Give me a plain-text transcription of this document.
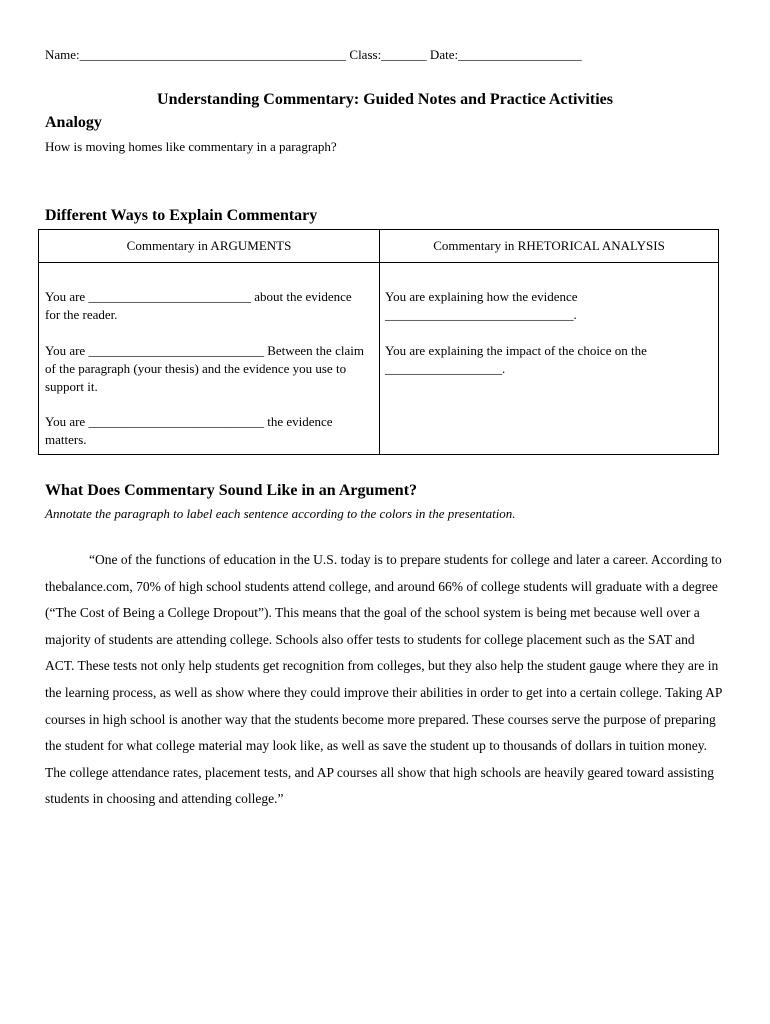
Name:_________________________________________ Class:_______ Date:___________________
Understanding Commentary: Guided Notes and Practice Activities
Analogy
How is moving homes like commentary in a paragraph?
Different Ways to Explain Commentary
Commentary in ARGUMENTS	Commentary in RHETORICAL ANALYSIS
You are _________________________ about the evidence for the reader.
You are ___________________________ Between the claim of the paragraph (your thesis) and the evidence you use to support it.
You are ___________________________ the evidence matters.
You are explaining how the evidence _____________________________.
You are explaining the impact of the choice on the __________________.
What Does Commentary Sound Like in an Argument?
Annotate the paragraph to label each sentence according to the colors in the presentation.
“One of the functions of education in the U.S. today is to prepare students for college and later a career. According to thebalance.com, 70% of high school students attend college, and around 66% of college students will graduate with a degree (“The Cost of Being a College Dropout”). This means that the goal of the school system is being met because well over a majority of students are attending college. Schools also offer tests to students for college placement such as the SAT and ACT. These tests not only help students get recognition from colleges, but they also help the student gauge where they are in the learning process, as well as show where they could improve their abilities in order to get into a certain college. Taking AP courses in high school is another way that the students become more prepared. These courses serve the purpose of preparing the student for what college material may look like, as well as save the student up to thousands of dollars in tuition money. The college attendance rates, placement tests, and AP courses all show that high schools are heavily geared toward assisting students in choosing and attending college.”
